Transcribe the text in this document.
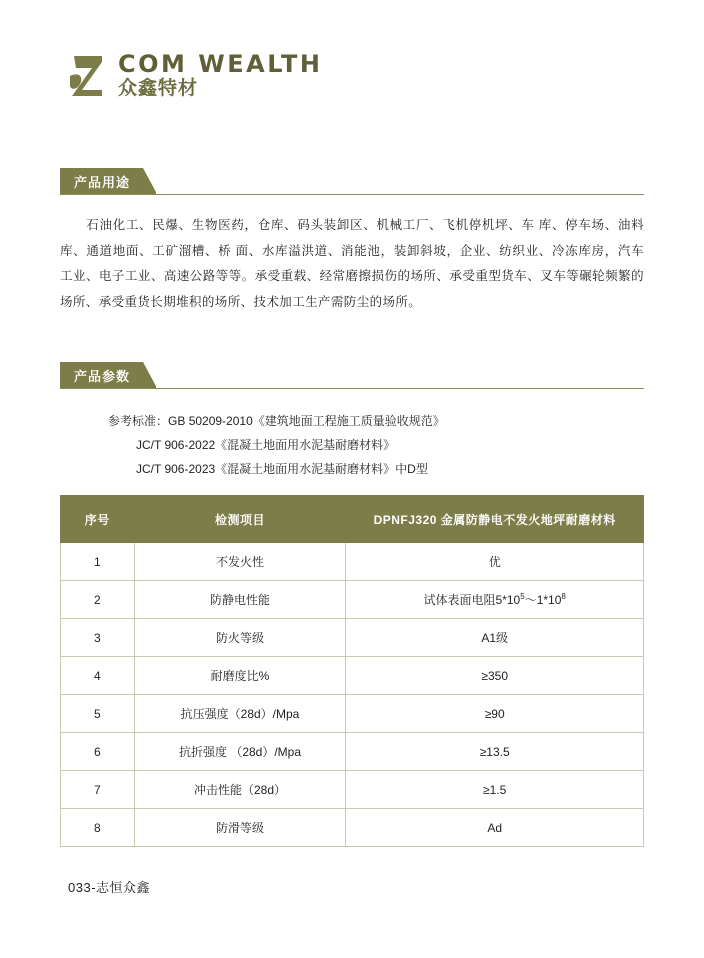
COM WEALTH
众鑫特材
产品用途
石油化工、民爆、生物医药，仓库、码头装卸区、机械工厂、飞机停机坪、车 库、停车场、油料库、通道地面、工矿溜槽、桥 面、水库溢洪道、消能池，装卸斜坡，企业、纺织业、冷冻库房，汽车工业、电子工业、高速公路等等。承受重载、经常磨擦损伤的场所、承受重型货车、叉车等碾轮频繁的场所、承受重货长期堆积的场所、技术加工生产需防尘的场所。
产品参数
参考标准：GB 50209-2010《建筑地面工程施工质量验收规范》
JC/T 906-2022《混凝土地面用水泥基耐磨材料》
JC/T 906-2023《混凝土地面用水泥基耐磨材料》中D型
序号	检测项目	DPNFJ320 金属防静电不发火地坪耐磨材料
1	不发火性	优
2	防静电性能	试体表面电阻$5*10^5\sim 1*10^8$
3	防火等级	A1级
4	耐磨度比%	≥350
5	抗压强度（28d）/Mpa	≥90
6	抗折强度 （28d）/Mpa	≥13.5
7	冲击性能（28d）	≥1.5
8	防滑等级	Ad
033-志恒众鑫
